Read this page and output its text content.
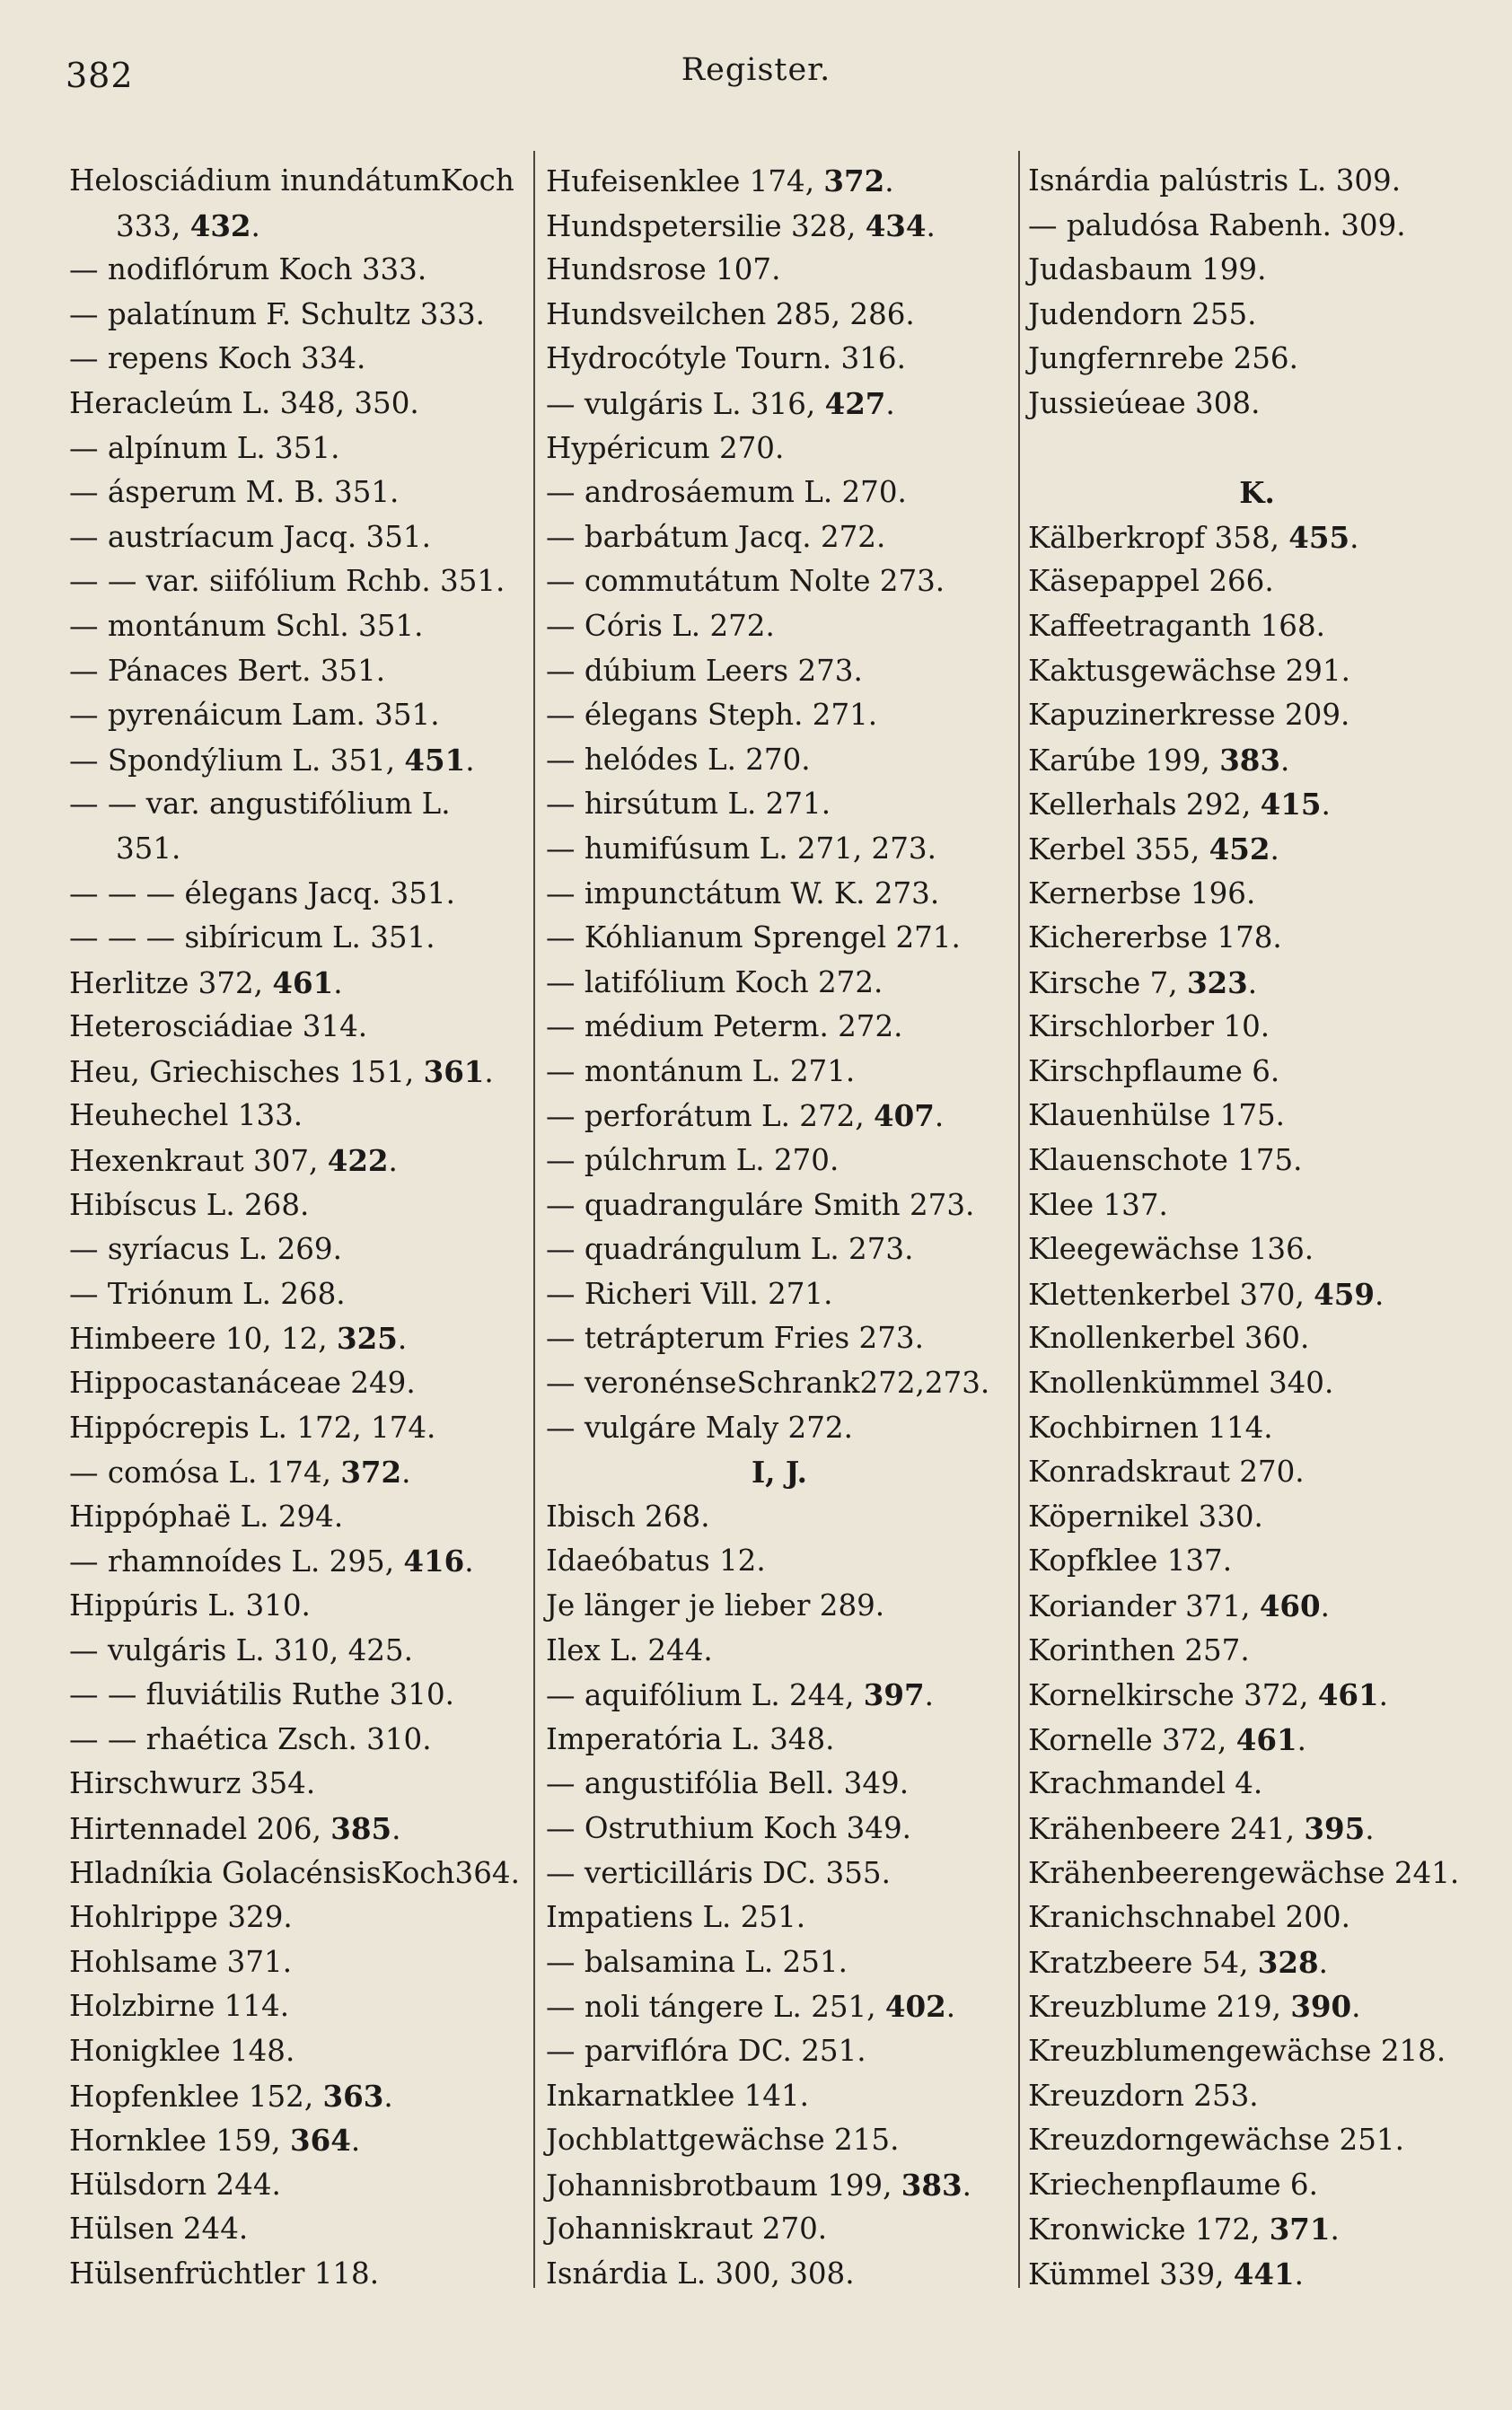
382	Register.
Helosciádium inundátumKoch
333, 432.
— nodiflórum Koch 333.
— palatínum F. Schultz 333.
— repens Koch 334.
Heracleúm L. 348, 350.
— alpínum L. 351.
— ásperum M. B. 351.
— austríacum Jacq. 351.
— — var. siifólium Rchb. 351.
— montánum Schl. 351.
— Pánaces Bert. 351.
— pyrenáicum Lam. 351.
— Spondýlium L. 351, 451.
— — var. angustifólium L.
351.
— — — élegans Jacq. 351.
— — — sibíricum L. 351.
Herlitze 372, 461.
Heterosciádiae 314.
Heu, Griechisches 151, 361.
Heuhechel 133.
Hexenkraut 307, 422.
Hibíscus L. 268.
— syríacus L. 269.
— Triónum L. 268.
Himbeere 10, 12, 325.
Hippocastanáceae 249.
Hippócrepis L. 172, 174.
— comósa L. 174, 372.
Hippóphaë L. 294.
— rhamnoídes L. 295, 416.
Hippúris L. 310.
— vulgáris L. 310, 425.
— — fluviátilis Ruthe 310.
— — rhaética Zsch. 310.
Hirschwurz 354.
Hirtennadel 206, 385.
Hladníkia GolacénsisKoch364.
Hohlrippe 329.
Hohlsame 371.
Holzbirne 114.
Honigklee 148.
Hopfenklee 152, 363.
Hornklee 159, 364.
Hülsdorn 244.
Hülsen 244.
Hülsenfrüchtler 118.
Hufeisenklee 174, 372.
Hundspetersilie 328, 434.
Hundsrose 107.
Hundsveilchen 285, 286.
Hydrocótyle Tourn. 316.
— vulgáris L. 316, 427.
Hypéricum 270.
— androsáemum L. 270.
— barbátum Jacq. 272.
— commutátum Nolte 273.
— Córis L. 272.
— dúbium Leers 273.
— élegans Steph. 271.
— helódes L. 270.
— hirsútum L. 271.
— humifúsum L. 271, 273.
— impunctátum W. K. 273.
— Kóhlianum Sprengel 271.
— latifólium Koch 272.
— médium Peterm. 272.
— montánum L. 271.
— perforátum L. 272, 407.
— púlchrum L. 270.
— quadranguláre Smith 273.
— quadrángulum L. 273.
— Richeri Vill. 271.
— tetrápterum Fries 273.
— veronénseSchrank272,273.
— vulgáre Maly 272.
I, J.
Ibisch 268.
Idaeóbatus 12.
Je länger je lieber 289.
Ilex L. 244.
— aquifólium L. 244, 397.
Imperatória L. 348.
— angustifólia Bell. 349.
— Ostruthium Koch 349.
— verticilláris DC. 355.
Impatiens L. 251.
— balsamina L. 251.
— noli tángere L. 251, 402.
— parviflóra DC. 251.
Inkarnatklee 141.
Jochblattgewächse 215.
Johannisbrotbaum 199, 383.
Johanniskraut 270.
Isnárdia L. 300, 308.
Isnárdia palústris L. 309.
— paludósa Rabenh. 309.
Judasbaum 199.
Judendorn 255.
Jungfernrebe 256.
Jussieúeae 308.
K.
Kälberkropf 358, 455.
Käsepappel 266.
Kaffeetraganth 168.
Kaktusgewächse 291.
Kapuzinerkresse 209.
Karúbe 199, 383.
Kellerhals 292, 415.
Kerbel 355, 452.
Kernerbse 196.
Kichererbse 178.
Kirsche 7, 323.
Kirschlorber 10.
Kirschpflaume 6.
Klauenhülse 175.
Klauenschote 175.
Klee 137.
Kleegewächse 136.
Klettenkerbel 370, 459.
Knollenkerbel 360.
Knollenkümmel 340.
Kochbirnen 114.
Konradskraut 270.
Köpernikel 330.
Kopfklee 137.
Koriander 371, 460.
Korinthen 257.
Kornelkirsche 372, 461.
Kornelle 372, 461.
Krachmandel 4.
Krähenbeere 241, 395.
Krähenbeerengewächse 241.
Kranichschnabel 200.
Kratzbeere 54, 328.
Kreuzblume 219, 390.
Kreuzblumengewächse 218.
Kreuzdorn 253.
Kreuzdorngewächse 251.
Kriechenpflaume 6.
Kronwicke 172, 371.
Kümmel 339, 441.
